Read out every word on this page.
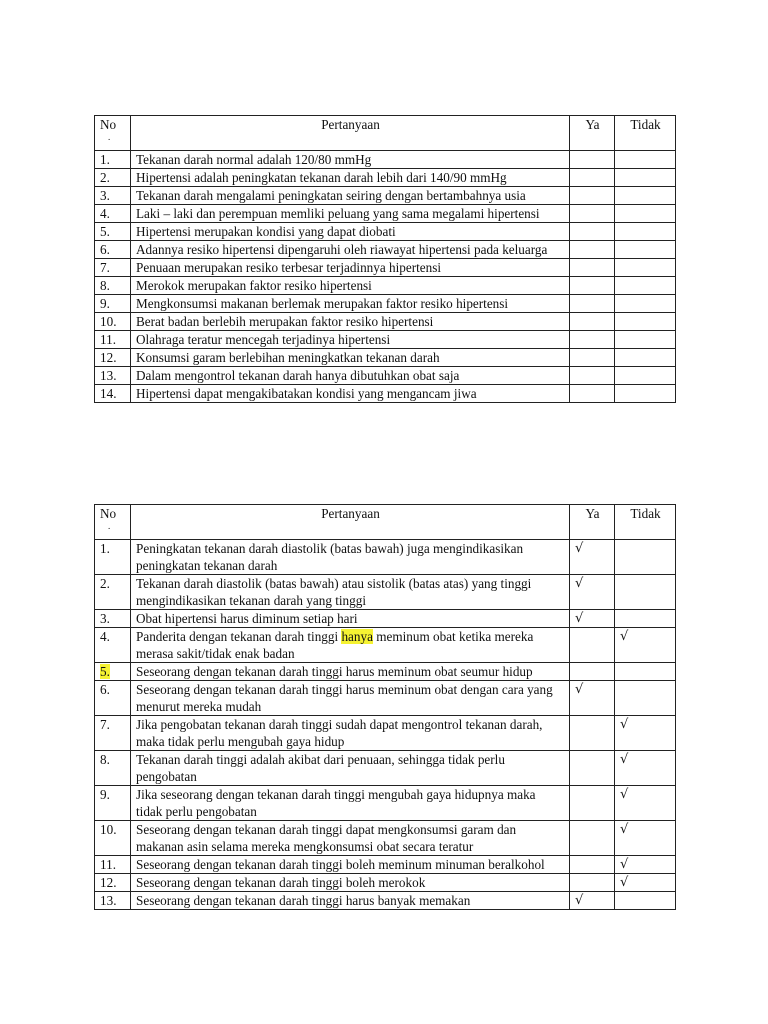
No
.	Pertanyaan	Ya	Tidak
1.	Tekanan darah normal adalah 120/80 mmHg		
2.	Hipertensi adalah peningkatan tekanan darah lebih dari 140/90 mmHg		
3.	Tekanan darah mengalami peningkatan seiring dengan bertambahnya usia		
4.	Laki – laki dan perempuan memliki peluang yang sama megalami hipertensi		
5.	Hipertensi merupakan kondisi yang dapat diobati		
6.	Adannya resiko hipertensi dipengaruhi oleh riawayat hipertensi pada keluarga		
7.	Penuaan merupakan resiko terbesar terjadinnya hipertensi		
8.	Merokok merupakan faktor resiko hipertensi		
9.	Mengkonsumsi makanan berlemak merupakan faktor resiko hipertensi		
10.	Berat badan berlebih merupakan faktor resiko hipertensi		
11.	Olahraga teratur mencegah terjadinya hipertensi		
12.	Konsumsi garam berlebihan meningkatkan tekanan darah		
13.	Dalam mengontrol tekanan darah hanya dibutuhkan obat saja		
14.	Hipertensi dapat mengakibatakan kondisi yang mengancam jiwa		
No
.	Pertanyaan	Ya	Tidak
1.	Peningkatan tekanan darah diastolik (batas bawah) juga mengindikasikan peningkatan tekanan darah	√	
2.	Tekanan darah diastolik (batas bawah) atau sistolik (batas atas) yang tinggi mengindikasikan tekanan darah yang tinggi	√	
3.	Obat hipertensi harus diminum setiap hari	√	
4.	Panderita dengan tekanan darah tinggi hanya meminum obat ketika mereka merasa sakit/tidak enak badan		√
5.	Seseorang dengan tekanan darah tinggi harus meminum obat seumur hidup		
6.	Seseorang dengan tekanan darah tinggi harus meminum obat dengan cara yang menurut mereka mudah	√	
7.	Jika pengobatan tekanan darah tinggi sudah dapat mengontrol tekanan darah, maka tidak perlu mengubah gaya hidup		√
8.	Tekanan darah tinggi adalah akibat dari penuaan, sehingga tidak perlu pengobatan		√
9.	Jika seseorang dengan tekanan darah tinggi mengubah gaya hidupnya maka tidak perlu pengobatan		√
10.	Seseorang dengan tekanan darah tinggi dapat mengkonsumsi garam dan makanan asin selama mereka mengkonsumsi obat secara teratur		√
11.	Seseorang dengan tekanan darah tinggi boleh meminum minuman beralkohol		√
12.	Seseorang dengan tekanan darah tinggi boleh merokok		√
13.	Seseorang dengan tekanan darah tinggi harus banyak memakan	√	
